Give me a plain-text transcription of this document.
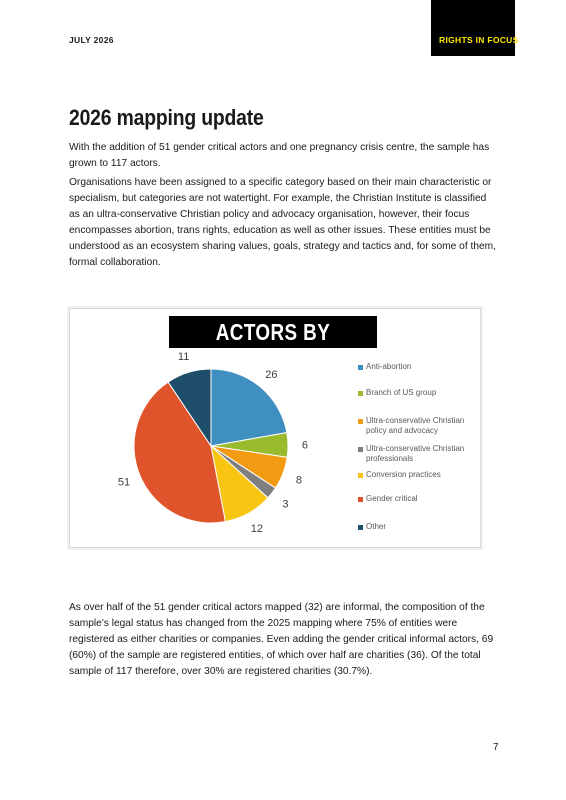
JULY 2026	RIGHTS IN FOCUS
2026 mapping update

With the addition of 51 gender critical actors and one pregnancy crisis centre, the sample has grown to 117 actors.

Organisations have been assigned to a specific category based on their main characteristic or specialism, but categories are not watertight. For example, the Christian Institute is classified as an ultra-conservative Christian policy and advocacy organisation, however, their focus encompasses abortion, trans rights, education as well as other issues. These entities must be understood as an ecosystem sharing values, goals, strategy and tactics and, for some of them, formal collaboration.

ACTORS BY CATEGORY
26
6
8
3
12
51
11
Anti-abortion
Branch of US group
Ultra-conservative Christian policy and advocacy
Ultra-conservative Christian professionals
Conversion practices
Gender critical
Other

As over half of the 51 gender critical actors mapped (32) are informal, the composition of the sample's legal status has changed from the 2025 mapping where 75% of entities were registered as either charities or companies. Even adding the gender critical informal actors, 69 (60%) of the sample are registered entities, of which over half are charities (36). Of the total sample of 117 therefore, over 30% are registered charities (30.7%).

7
